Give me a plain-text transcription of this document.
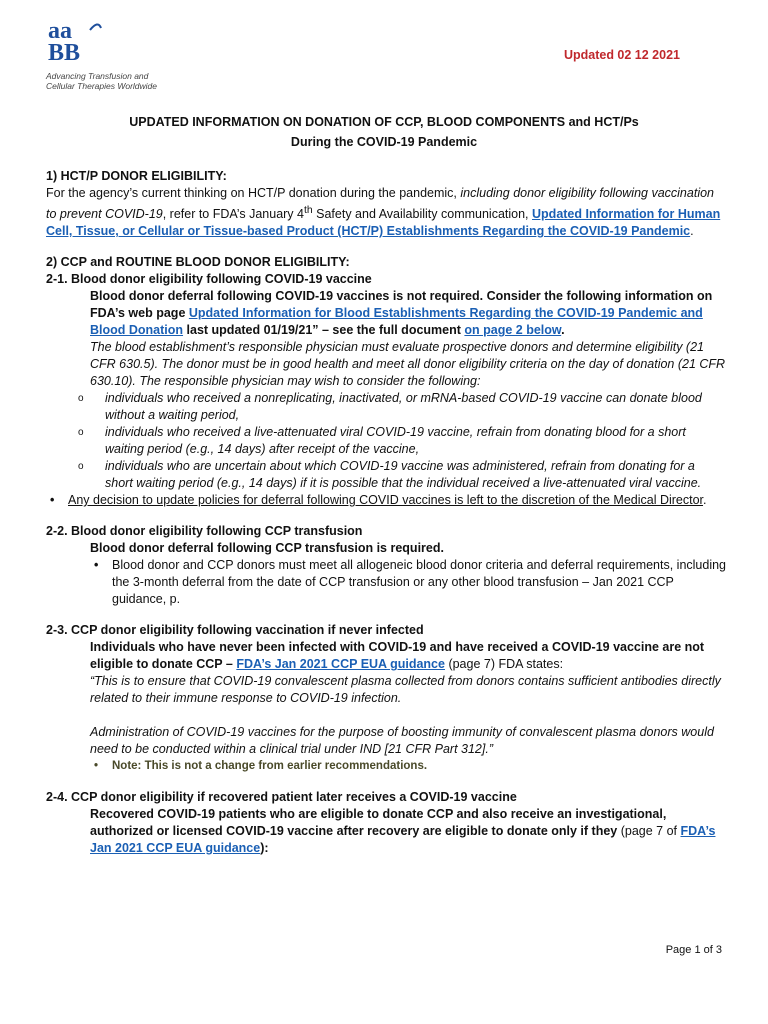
aa
BB
Advancing Transfusion and Cellular Therapies Worldwide
Updated 02 12 2021
UPDATED INFORMATION ON DONATION OF CCP, BLOOD COMPONENTS and HCT/Ps
During the COVID-19 Pandemic

1) HCT/P DONOR ELIGIBILITY:

For the agency’s current thinking on HCT/P donation during the pandemic, including donor eligibility following vaccination to prevent COVID-19, refer to FDA’s January 4th Safety and Availability communication, Updated Information for Human Cell, Tissue, or Cellular or Tissue-based Product (HCT/P) Establishments Regarding the COVID-19 Pandemic.

2) CCP and ROUTINE BLOOD DONOR ELIGIBILITY:

2-1. Blood donor eligibility following COVID-19 vaccine

Blood donor deferral following COVID-19 vaccines is not required. Consider the following information on FDA’s web page Updated Information for Blood Establishments Regarding the COVID-19 Pandemic and Blood Donation last updated 01/19/21” – see the full document on page 2 below.

The blood establishment’s responsible physician must evaluate prospective donors and determine eligibility (21 CFR 630.5). The donor must be in good health and meet all donor eligibility criteria on the day of donation (21 CFR 630.10). The responsible physician may wish to consider the following:

o individuals who received a nonreplicating, inactivated, or mRNA-based COVID-19 vaccine can donate blood without a waiting period,
o individuals who received a live-attenuated viral COVID-19 vaccine, refrain from donating blood for a short waiting period (e.g., 14 days) after receipt of the vaccine,
o individuals who are uncertain about which COVID-19 vaccine was administered, refrain from donating for a short waiting period (e.g., 14 days) if it is possible that the individual received a live-attenuated viral vaccine.

• Any decision to update policies for deferral following COVID vaccines is left to the discretion of the Medical Director.

2-2. Blood donor eligibility following CCP transfusion

Blood donor deferral following CCP transfusion is required.

• Blood donor and CCP donors must meet all allogeneic blood donor criteria and deferral requirements, including the 3-month deferral from the date of CCP transfusion or any other blood transfusion – Jan 2021 CCP guidance, p.

2-3. CCP donor eligibility following vaccination if never infected

Individuals who have never been infected with COVID-19 and have received a COVID-19 vaccine are not eligible to donate CCP – FDA’s Jan 2021 CCP EUA guidance (page 7) FDA states:

“This is to ensure that COVID-19 convalescent plasma collected from donors contains sufficient antibodies directly related to their immune response to COVID-19 infection.

Administration of COVID-19 vaccines for the purpose of boosting immunity of convalescent plasma donors would need to be conducted within a clinical trial under IND [21 CFR Part 312].”

• Note: This is not a change from earlier recommendations.

2-4. CCP donor eligibility if recovered patient later receives a COVID-19 vaccine

Recovered COVID-19 patients who are eligible to donate CCP and also receive an investigational, authorized or licensed COVID-19 vaccine after recovery are eligible to donate only if they (page 7 of FDA’s Jan 2021 CCP EUA guidance):

Page 1 of 3
